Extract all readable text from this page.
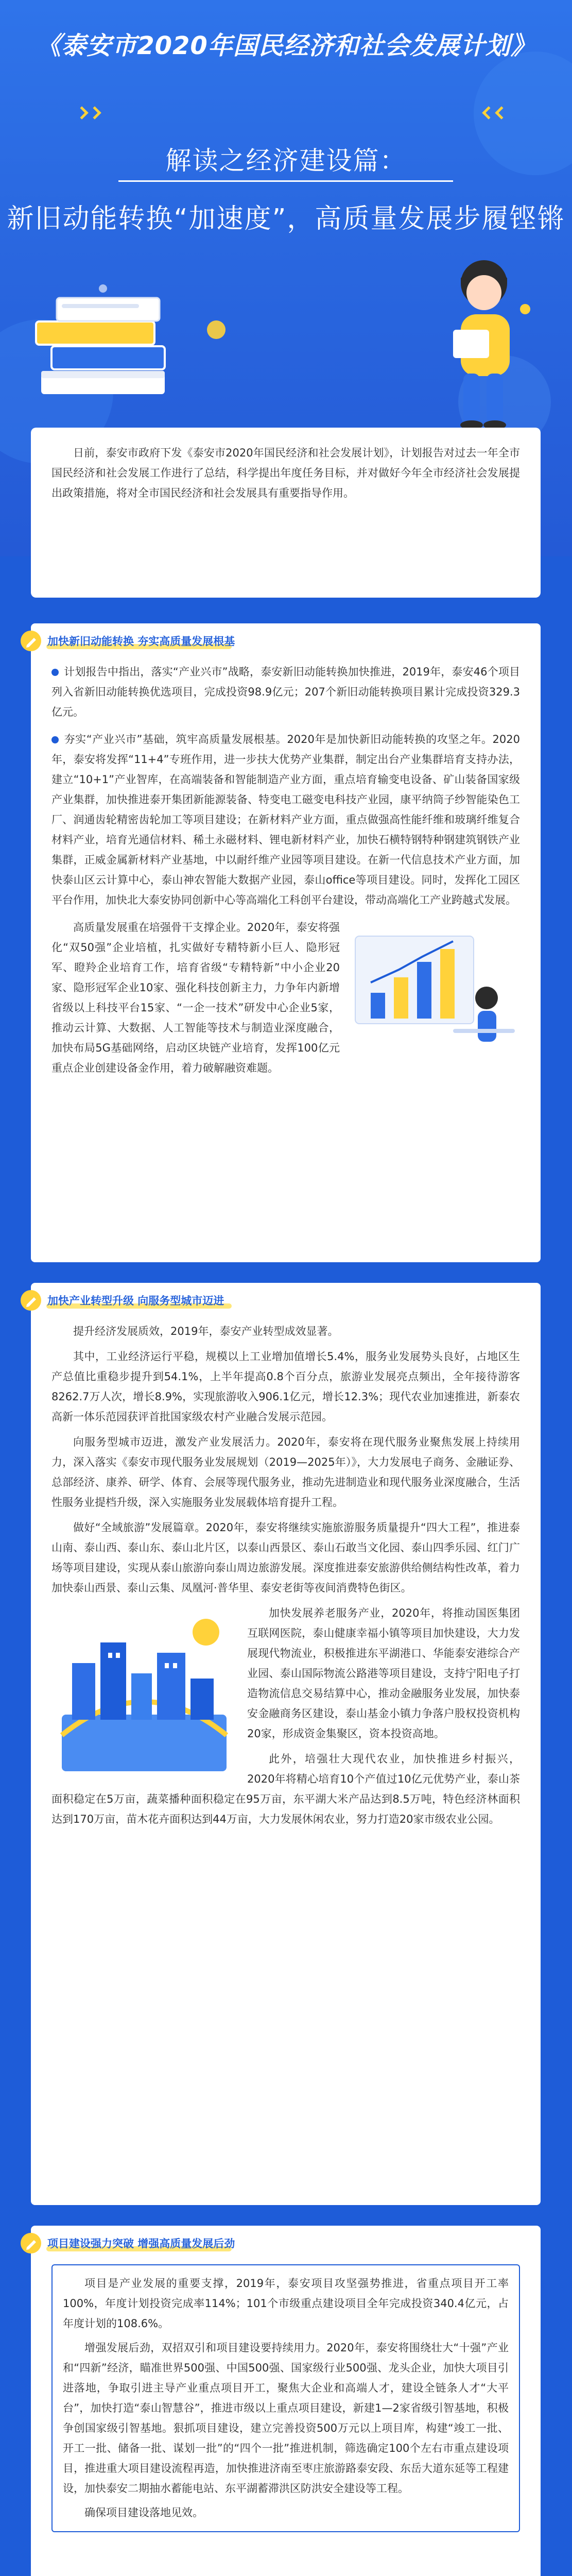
《泰安市2020年国民经济和社会发展计划》
解读之经济建设篇：
新旧动能转换“加速度”，高质量发展步履铿锵

日前，泰安市政府下发《泰安市2020年国民经济和社会发展计划》，计划报告对过去一年全市国民经济和社会发展工作进行了总结，科学提出年度任务目标，并对做好今年全市经济社会发展提出政策措施，将对全市国民经济和社会发展具有重要指导作用。

加快新旧动能转换 夯实高质量发展根基

计划报告中指出，落实“产业兴市”战略，泰安新旧动能转换加快推进，2019年，泰安46个项目列入省新旧动能转换优选项目，完成投资98.9亿元；207个新旧动能转换项目累计完成投资329.3亿元。

夯实“产业兴市”基础，筑牢高质量发展根基。2020年是加快新旧动能转换的攻坚之年。2020年，泰安将发挥“11+4”专班作用，进一步扶大优势产业集群，制定出台产业集群培育支持办法，建立“10+1”产业智库，在高端装备和智能制造产业方面，重点培育输变电设备、矿山装备国家级产业集群，加快推进泰开集团新能源装备、特变电工磁变电科技产业园，康平纳筒子纱智能染色工厂、润通齿轮精密齿轮加工等项目建设；在新材料产业方面，重点做强高性能纤维和玻璃纤维复合材料产业，培育光通信材料、稀土永磁材料、锂电新材料产业，加快石横特钢特种钢建筑钢铁产业集群，正威金属新材料产业基地，中以耐纤维产业园等项目建设。在新一代信息技术产业方面，加快泰山区云计算中心，泰山神农智能大数据产业园，泰山office等项目建设。同时，发挥化工园区平台作用，加快北大泰安协同创新中心等高端化工科创平台建设，带动高端化工产业跨越式发展。

高质量发展重在培强骨干支撑企业。2020年，泰安将强化“双50强”企业培植，扎实做好专精特新小巨人、隐形冠军、瞪羚企业培育工作，培育省级“专精特新”中小企业20家、隐形冠军企业10家、强化科技创新主力，力争年内新增省级以上科技平台15家、“一企一技术”研发中心企业5家，推动云计算、大数据、人工智能等技术与制造业深度融合，加快布局5G基础网络，启动区块链产业培育，发挥100亿元重点企业创建设备金作用，着力破解融资难题。

加快产业转型升级 向服务型城市迈进

提升经济发展质效，2019年，泰安产业转型成效显著。

其中，工业经济运行平稳，规模以上工业增加值增长5.4%，服务业发展势头良好，占地区生产总值比重稳步提升到54.1%，上半年提高0.8个百分点，旅游业发展亮点频出，全年接待游客8262.7万人次，增长8.9%，实现旅游收入906.1亿元，增长12.3%；现代农业加速推进，新泰农高新一体乐范园获评首批国家级农村产业融合发展示范园。

向服务型城市迈进，激发产业发展活力。2020年，泰安将在现代服务业聚焦发展上持续用力，深入落实《泰安市现代服务业发展规划（2019—2025年）》，大力发展电子商务、金融证券、总部经济、康养、研学、体育、会展等现代服务业，推动先进制造业和现代服务业深度融合，生活性服务业提档升级，深入实施服务业发展载体培育提升工程。

做好“全域旅游”发展篇章。2020年，泰安将继续实施旅游服务质量提升“四大工程”，推进泰山南、泰山西、泰山东、泰山北片区，以泰山西景区、泰山石敢当文化园、泰山四季乐园、红门广场等项目建设，实现从泰山旅游向泰山周边旅游发展。深度推进泰安旅游供给侧结构性改革，着力加快泰山西景、泰山云集、凤凰河·普华里、泰安老街等夜间消费特色街区。

加快发展养老服务产业，2020年，将推动国医集团互联网医院，泰山健康幸福小镇等项目加快建设，大力发展现代物流业，积极推进东平湖港口、华能泰安港综合产业园、泰山国际物流公路港等项目建设，支持宁阳电子打造物流信息交易结算中心，推动金融服务业发展，加快泰安金融商务区建设，泰山基金小镇力争落户股权投资机构20家，形成资金集聚区，资本投资高地。

此外，培强壮大现代农业，加快推进乡村振兴，2020年将精心培育10个产值过10亿元优势产业，泰山茶面积稳定在5万亩，蔬菜播种面积稳定在95万亩，东平湖大米产品达到8.5万吨，特色经济林面积达到170万亩，苗木花卉面积达到44万亩，大力发展休闲农业，努力打造20家市级农业公园。

项目建设强力突破 增强高质量发展后劲

项目是产业发展的重要支撑，2019年，泰安项目攻坚强势推进，省重点项目开工率100%，年度计划投资完成率114%；101个市级重点建设项目全年完成投资340.4亿元，占年度计划的108.6%。

增强发展后劲，双招双引和项目建设要持续用力。2020年，泰安将围绕壮大“十强”产业和“四新”经济，瞄准世界500强、中国500强、国家级行业500强、龙头企业，加快大项目引进落地，争取引进主导产业重点项目开工，聚焦大企业和高端人才，建设全链条人才“大平台”，加快打造“泰山智慧谷”，推进市级以上重点项目建设，新建1—2家省级引智基地，积极争创国家级引智基地。狠抓项目建设，建立完善投资500万元以上项目库，构建“竣工一批、开工一批、储备一批、谋划一批”的“四个一批”推进机制，筛选确定100个左右市重点建设项目，推进重大项目建设流程再造，加快推进济南至枣庄旅游路泰安段、东岳大道东延等工程建设，加快泰安二期抽水蓄能电站、东平湖蓄滞洪区防洪安全建设等工程。

确保项目建设落地见效。
